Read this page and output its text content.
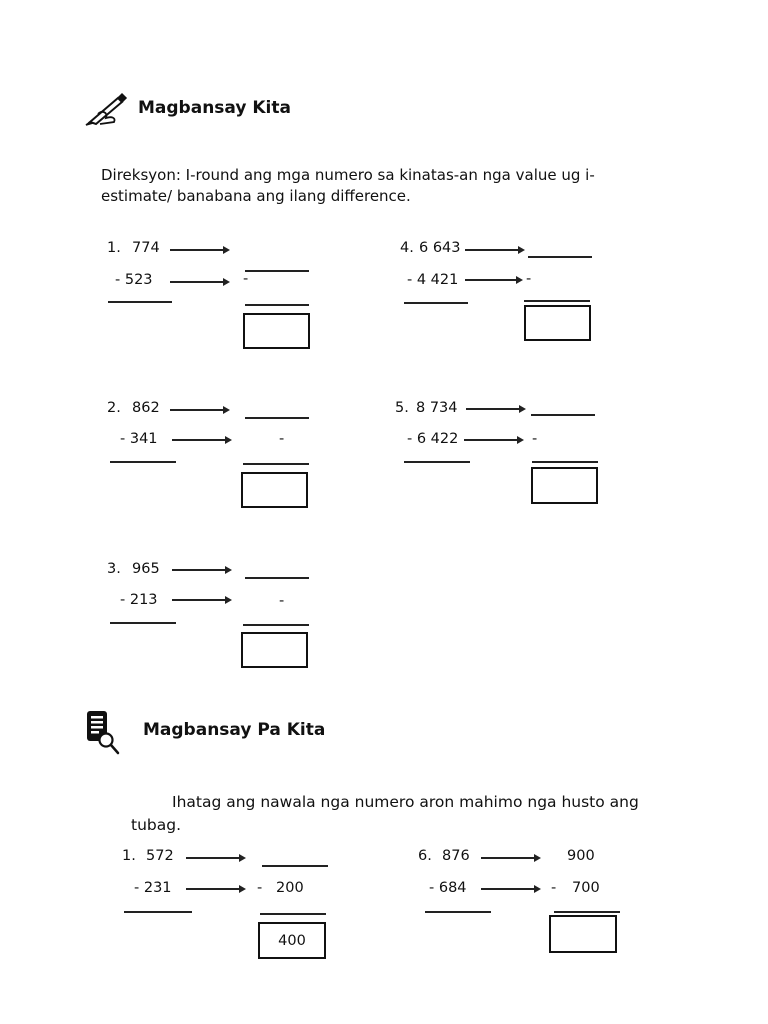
Magbansay Kita
Direksyon: I-round ang mga numero sa kinatas-an nga value ug i-
estimate/ banabana ang ilang difference.
1. 774
- 523	-
4. 6 643
- 4 421	-
2. 862
- 341	-
5. 8 734
- 6 422	-
3. 965
- 213	-
Magbansay Pa Kita
Ihatag ang nawala nga numero aron mahimo nga husto ang
tubag.
1. 572
- 231	- 200
400
6. 876	900
- 684	- 700
